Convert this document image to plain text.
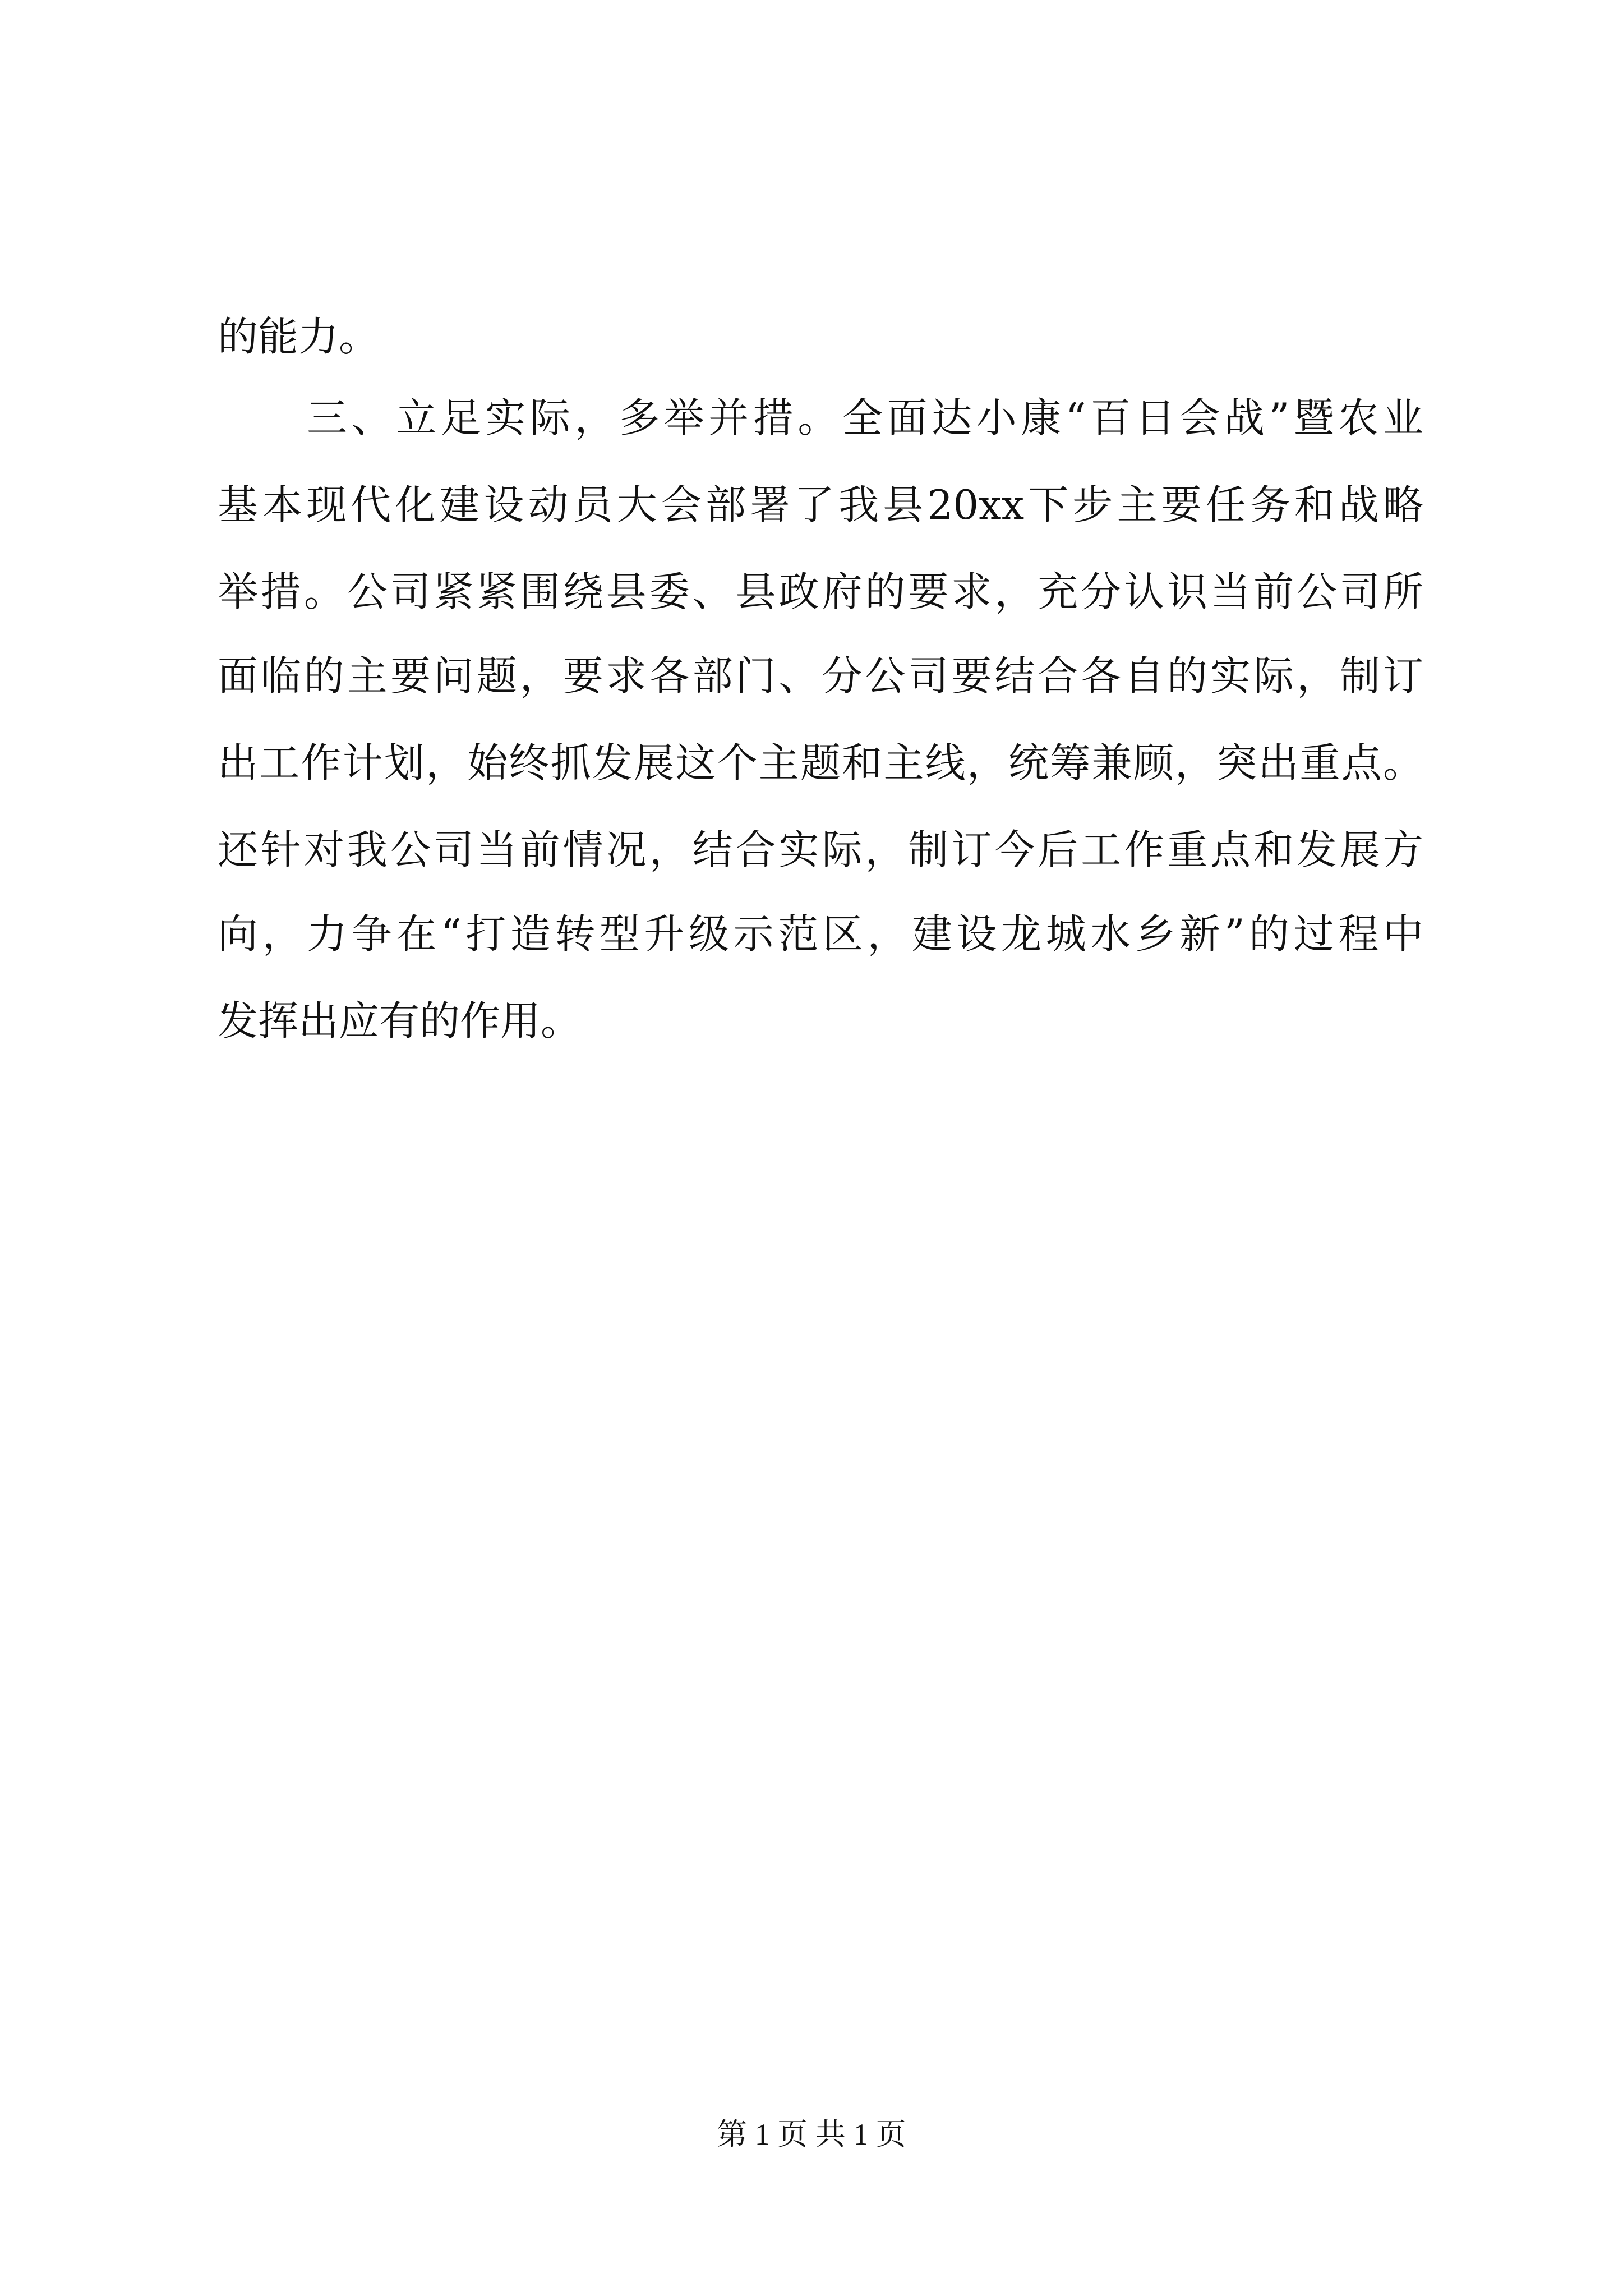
的能力。
　　三、立足实际，多举并措。全面达小康“百日会战”暨农业
基本现代化建设动员大会部署了我县20xx下步主要任务和战略
举措。公司紧紧围绕县委、县政府的要求，充分认识当前公司所
面临的主要问题，要求各部门、分公司要结合各自的实际，制订
出工作计划，始终抓发展这个主题和主线，统筹兼顾，突出重点。
还针对我公司当前情况，结合实际，制订今后工作重点和发展方
向，力争在“打造转型升级示范区，建设龙城水乡新”的过程中
发挥出应有的作用。
第 1 页 共 1 页
